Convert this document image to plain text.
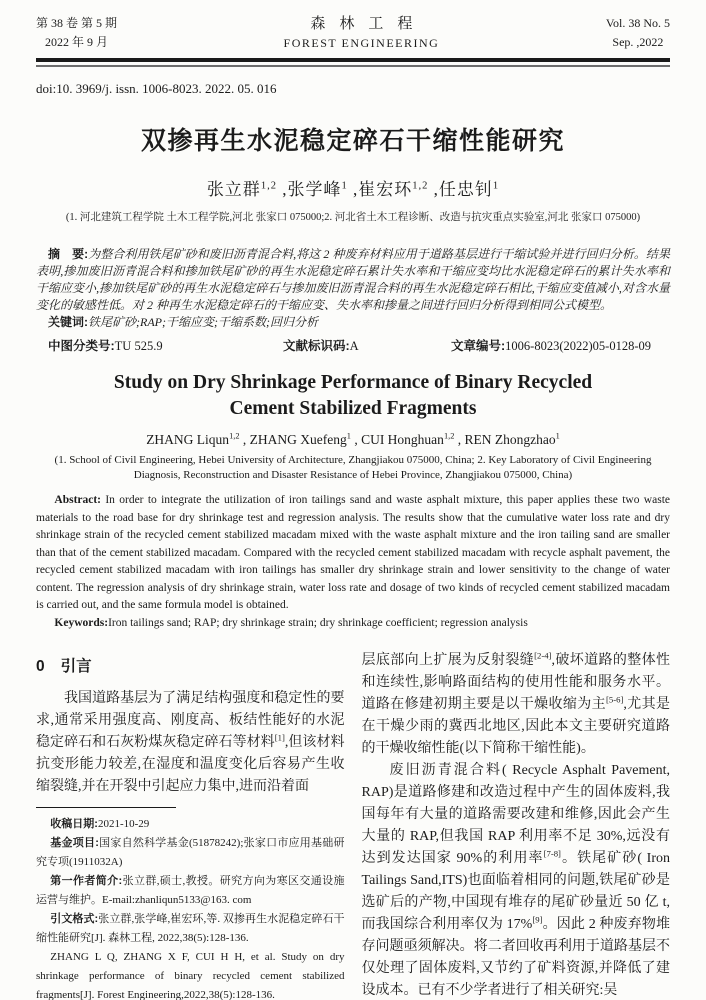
第 38 卷 第 5 期
2022 年 9 月
森林工程
FOREST ENGINEERING
Vol. 38 No. 5
Sep. ,2022
doi:10. 3969/j. issn. 1006-8023. 2022. 05. 016
双掺再生水泥稳定碎石干缩性能研究
张立群$^{1,2}$ ,张学峰$^1$ ,崔宏环$^{1,2}$ ,任忠钊$^1$
(1. 河北建筑工程学院 土木工程学院,河北 张家口 075000;2. 河北省土木工程诊断、改造与抗灾重点实验室,河北 张家口 075000)

摘　要:为整合利用铁尾矿砂和废旧沥青混合料,将这 2 种废弃材料应用于道路基层进行干缩试验并进行回归分析。结果表明,掺加废旧沥青混合料和掺加铁尾矿砂的再生水泥稳定碎石累计失水率和干缩应变均比水泥稳定碎石的累计失水率和干缩应变小,掺加铁尾矿砂的再生水泥稳定碎石与掺加废旧沥青混合料的再生水泥稳定碎石相比,干缩应变值减小,对含水量变化的敏感性低。对 2 种再生水泥稳定碎石的干缩应变、失水率和掺量之间进行回归分析得到相同公式模型。

关键词:铁尾矿砂;RAP;干缩应变;干缩系数;回归分析

中图分类号:TU 525.9	文献标识码:A	文章编号:1006-8023(2022)05-0128-09
Study on Dry Shrinkage Performance of Binary Recycled
Cement Stabilized Fragments
ZHANG Liqun$^{1,2}$ , ZHANG Xuefeng$^1$ , CUI Honghuan$^{1,2}$ , REN Zhongzhao$^1$
(1. School of Civil Engineering, Hebei University of Architecture, Zhangjiakou 075000, China; 2. Key Laboratory of Civil Engineering Diagnosis, Reconstruction and Disaster Resistance of Hebei Province, Zhangjiakou 075000, China)

Abstract: In order to integrate the utilization of iron tailings sand and waste asphalt mixture, this paper applies these two waste materials to the road base for dry shrinkage test and regression analysis. The results show that the cumulative water loss rate and dry shrinkage strain of the recycled cement stabilized macadam mixed with the waste asphalt mixture and the iron tailing sand are smaller than that of the cement stabilized macadam. Compared with the recycled cement stabilized macadam with recycle asphalt pavement, the recycled cement stabilized macadam with iron tailings has smaller dry shrinkage strain and lower sensitivity to the change of water content. The regression analysis of dry shrinkage strain, water loss rate and dosage of two kinds of recycled cement stabilized macadam is carried out, and the same formula model is obtained.

Keywords:Iron tailings sand; RAP; dry shrinkage strain; dry shrinkage coefficient; regression analysis

0 引言

我国道路基层为了满足结构强度和稳定性的要求,通常采用强度高、刚度高、板结性能好的水泥稳定碎石和石灰粉煤灰稳定碎石等材料[1],但该材料抗变形能力较差,在湿度和温度变化后容易产生收缩裂缝,并在开裂中引起应力集中,进而沿着面

收稿日期:2021-10-29

基金项目:国家自然科学基金(51878242);张家口市应用基础研究专项(1911032A)

第一作者简介:张立群,硕士,教授。研究方向为寒区交通设施运营与维护。E-mail:zhanliqun5133@163. com

引文格式:张立群,张学峰,崔宏环,等. 双掺再生水泥稳定碎石干缩性能研究[J]. 森林工程, 2022,38(5):128-136.

ZHANG L Q, ZHANG X F, CUI H H, et al. Study on dry shrinkage performance of binary recycled cement stabilized fragments[J]. Forest Engineering,2022,38(5):128-136.

层底部向上扩展为反射裂缝[2-4],破坏道路的整体性和连续性,影响路面结构的使用性能和服务水平。道路在修建初期主要是以干燥收缩为主[5-6],尤其是在干燥少雨的冀西北地区,因此本文主要研究道路的干燥收缩性能(以下简称干缩性能)。

废旧沥青混合料( Recycle Asphalt Pavement, RAP)是道路修建和改造过程中产生的固体废料,我国每年有大量的道路需要改建和维修,因此会产生大量的 RAP,但我国 RAP 利用率不足 30%,远没有达到发达国家 90%的利用率[7-8]。铁尾矿砂( Iron Tailings Sand,ITS)也面临着相同的问题,铁尾矿砂是选矿后的产物,中国现有堆存的尾矿砂量近 50 亿 t,而我国综合利用率仅为 17%[9]。因此 2 种废弃物堆存问题亟须解决。将二者回收再利用于道路基层不仅处理了固体废料,又节约了矿料资源,并降低了建设成本。已有不少学者进行了相关研究:吴
